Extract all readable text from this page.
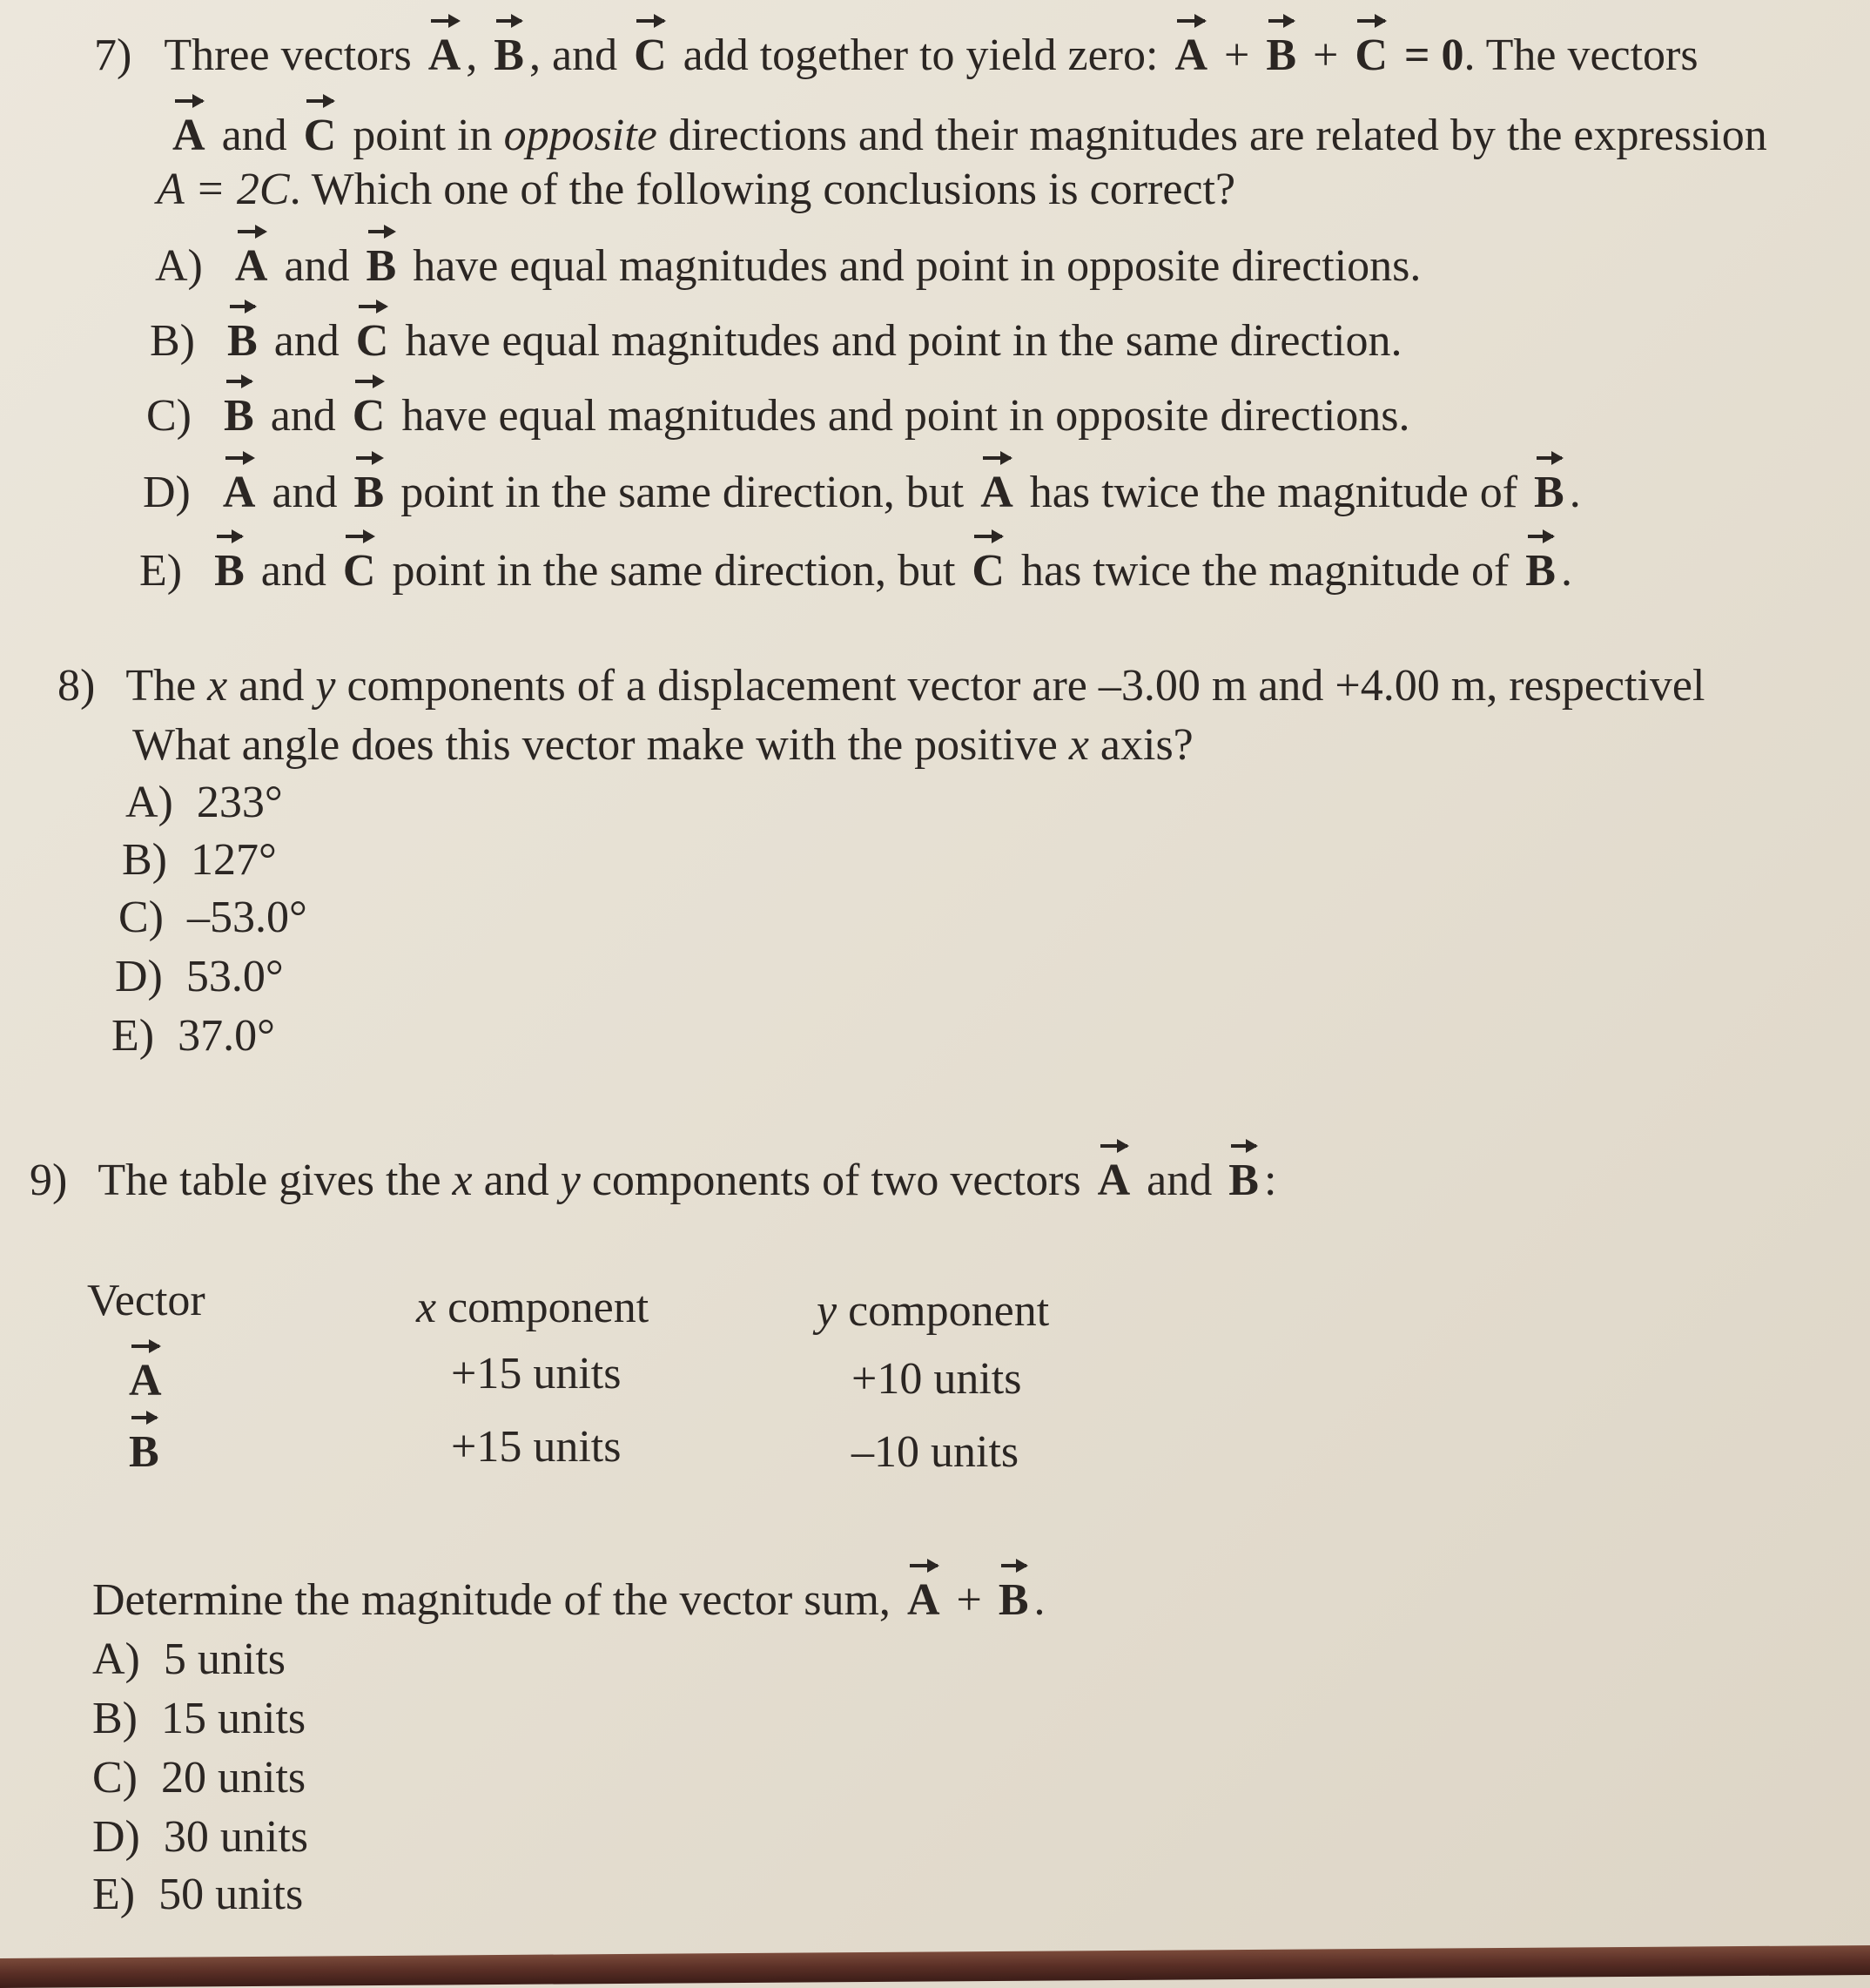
7) Three vectors A , B , and C add together to yield zero: A + B + C = 0. The vectors
A and C point in opposite directions and their magnitudes are related by the expression
A = 2C. Which one of the following conclusions is correct?
A) A and B have equal magnitudes and point in opposite directions.
B) B and C have equal magnitudes and point in the same direction.
C) B and C have equal magnitudes and point in opposite directions.
D) A and B point in the same direction, but A has twice the magnitude of B .
E) B and C point in the same direction, but C has twice the magnitude of B .
8) The x and y components of a displacement vector are –3.00 m and +4.00 m, respectivel
What angle does this vector make with the positive x axis?
A) 233°
B) 127°
C) –53.0°
D) 53.0°
E) 37.0°
9) The table gives the x and y components of two vectors A and B :
Vector	x component	y component
A	+15 units	+10 units
B	+15 units	–10 units
Determine the magnitude of the vector sum, A + B .
A) 5 units
B) 15 units
C) 20 units
D) 30 units
E) 50 units
